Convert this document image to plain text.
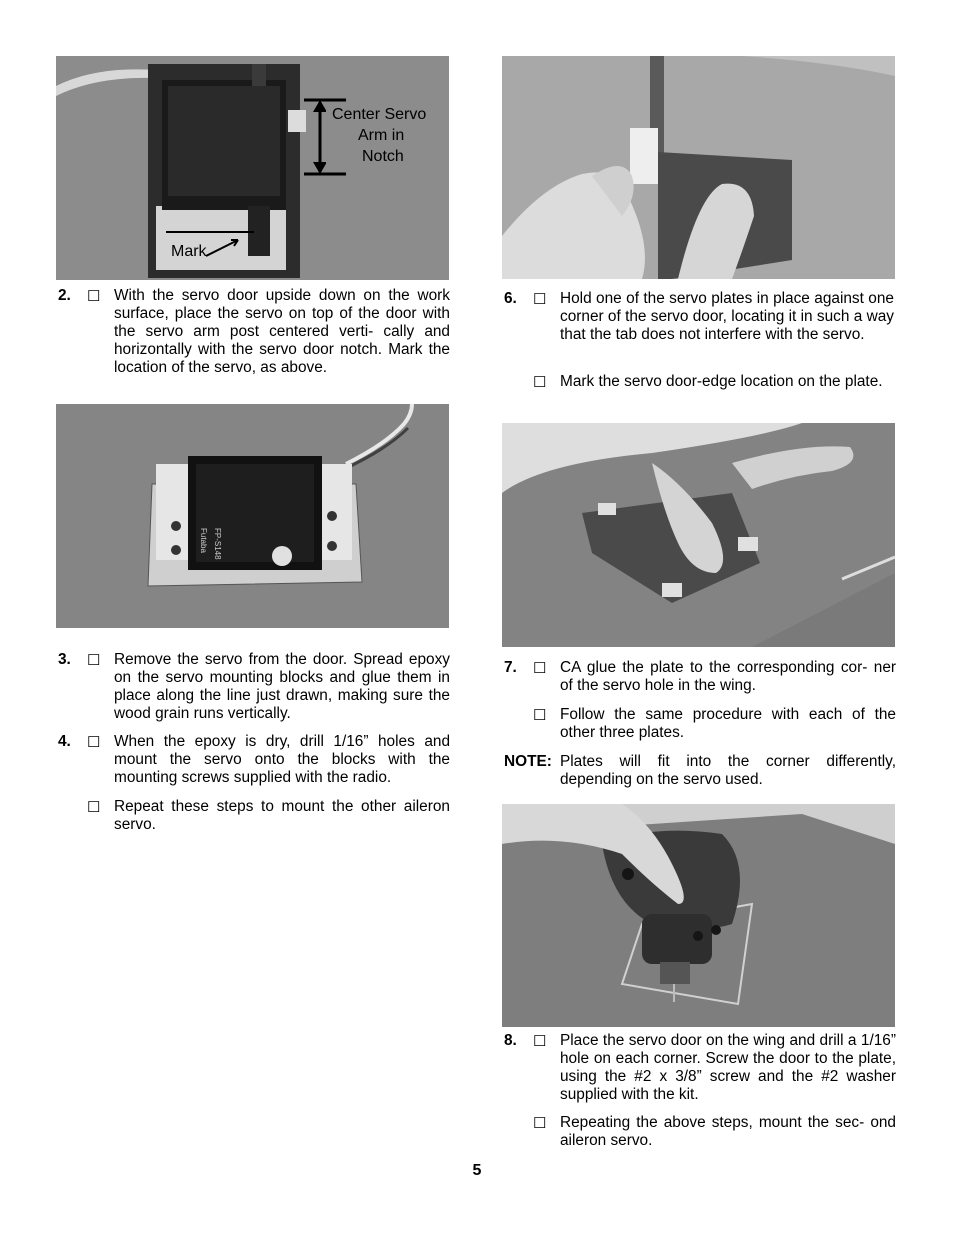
Center Servo
Arm in
Notch
Mark
2. ☐ With the servo door upside down on the work surface, place the servo on top of the door with the servo arm post centered verti- cally and horizontally with the servo door notch. Mark the location of the servo, as above.
Futaba FP-S148
3. ☐ Remove the servo from the door. Spread epoxy on the servo mounting blocks and glue them in place along the line just drawn, making sure the wood grain runs vertically.
4. ☐ When the epoxy is dry, drill 1/16” holes and mount the servo onto the blocks with the mounting screws supplied with the radio.
☐ Repeat these steps to mount the other aileron servo.
6. ☐ Hold one of the servo plates in place against one corner of the servo door, locating it in such a way that the tab does not interfere with the servo.
☐ Mark the servo door-edge location on the plate.
7. ☐ CA glue the plate to the corresponding cor- ner of the servo hole in the wing.
☐ Follow the same procedure with each of the other three plates.
NOTE: Plates will fit into the corner differently, depending on the servo used.
8. ☐ Place the servo door on the wing and drill a 1/16” hole on each corner. Screw the door to the plate, using the #2 x 3/8” screw and the #2 washer supplied with the kit.
☐ Repeating the above steps, mount the sec- ond aileron servo.
5
